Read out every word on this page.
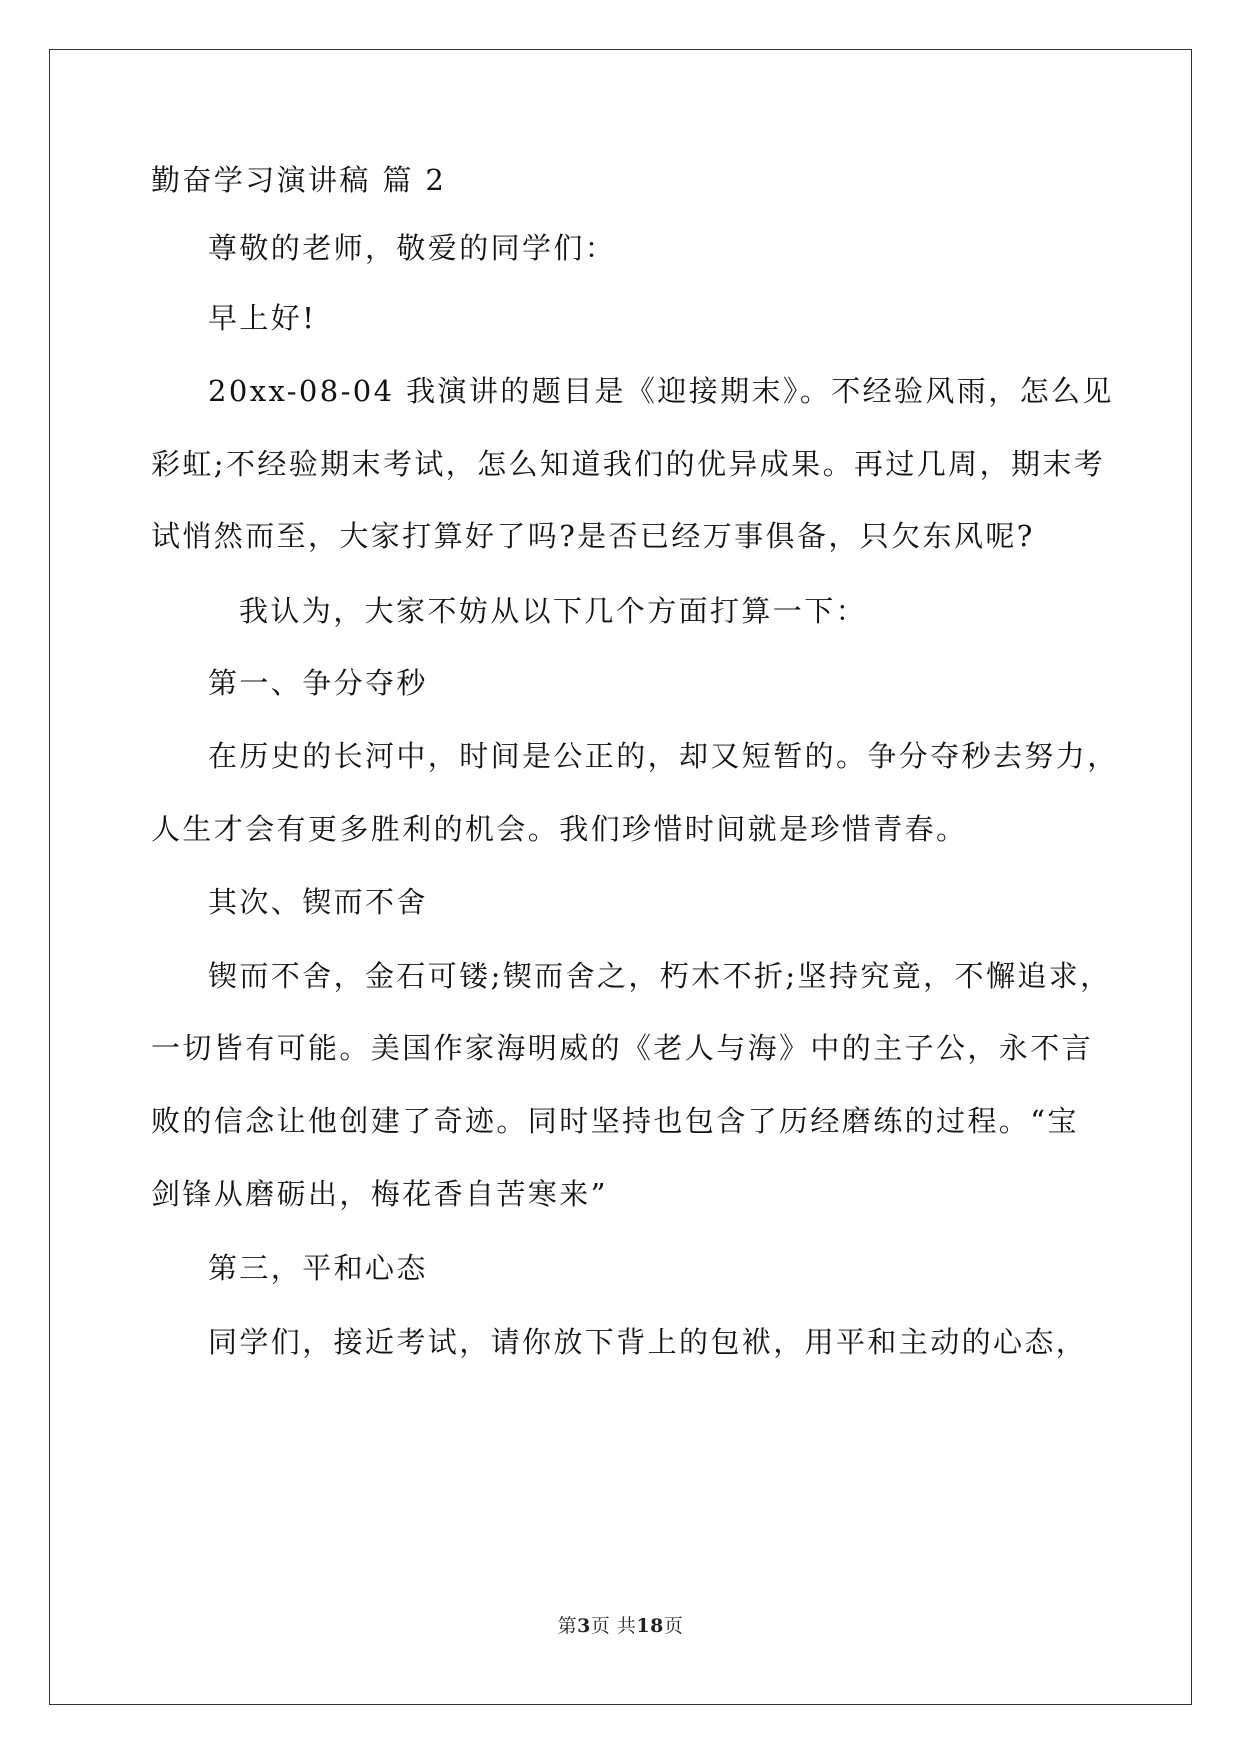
勤奋学习演讲稿 篇 2
尊敬的老师，敬爱的同学们：
早上好!
20xx-08-04 我演讲的题目是《迎接期末》。不经验风雨，怎么见
彩虹;不经验期末考试，怎么知道我们的优异成果。再过几周，期末考
试悄然而至，大家打算好了吗?是否已经万事俱备，只欠东风呢?
我认为，大家不妨从以下几个方面打算一下：
第一、争分夺秒
在历史的长河中，时间是公正的，却又短暂的。争分夺秒去努力，
人生才会有更多胜利的机会。我们珍惜时间就是珍惜青春。
其次、锲而不舍
锲而不舍，金石可镂;锲而舍之，朽木不折;坚持究竟，不懈追求，
一切皆有可能。美国作家海明威的《老人与海》中的主子公，永不言
败的信念让他创建了奇迹。同时坚持也包含了历经磨练的过程。“宝
剑锋从磨砺出，梅花香自苦寒来”
第三，平和心态
同学们，接近考试，请你放下背上的包袱，用平和主动的心态，
第3页 共18页
